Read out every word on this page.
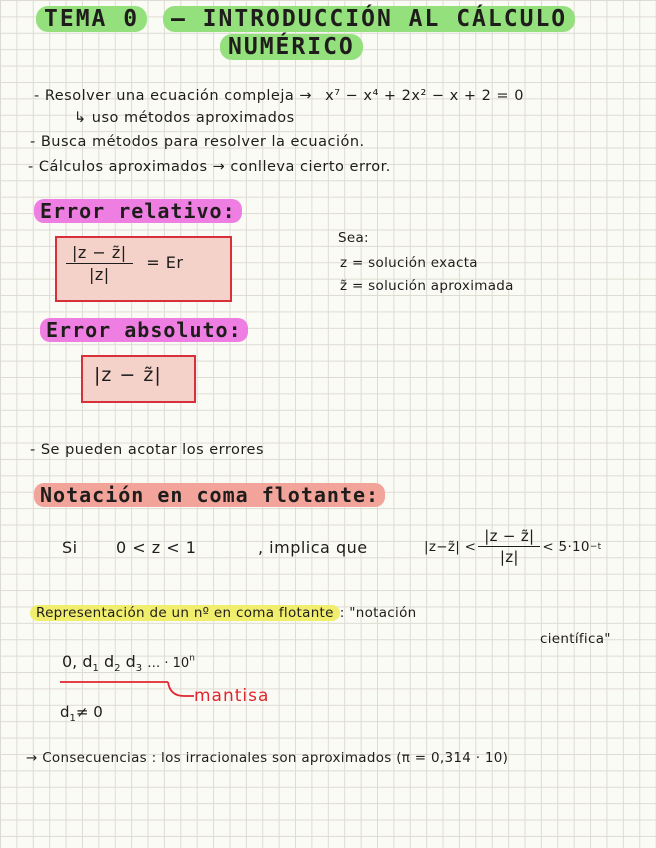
TEMA 0 – INTRODUCCIÓN AL CÁLCULO
NUMÉRICO
- Resolver una ecuación compleja → x⁷ − x⁴ + 2x² − x + 2 = 0
↳ uso métodos aproximados
- Busca métodos para resolver la ecuación.
- Cálculos aproximados → conlleva cierto error.
Error relativo:
$\frac{|z - z̃|}{|z|} = Er$
Sea:
z = solución exacta
z̃ = solución aproximada
Error absoluto:
|z − z̃|
- Se pueden acotar los errores
Notación en coma flotante:
Si 0 < z < 1	, implica que	|z−z̃| < $\frac{|z - z̃|}{|z|} < 5\cdot 10 -t$
Representación de un nº en coma flotante : "notación
científica"
0, $d_1$ $d_2$ $d_3$ … · $10^n$
mantisa
$d_1\ne 0$
→ Consecuencias : los irracionales son aproximados (π = 0,314 · 10)
